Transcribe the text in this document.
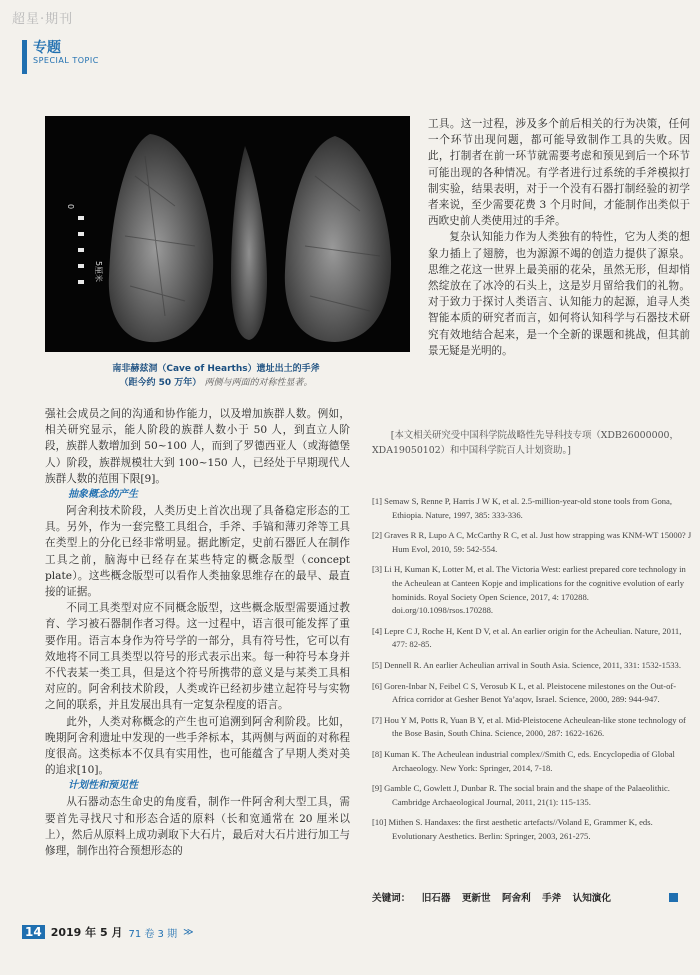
超星·期刊
专题
SPECIAL TOPIC
0
5厘米
南非赫兹洞（Cave of Hearths）遗址出土的手斧
（距今约 50 万年） 两侧与两面的对称性显著。

强社会成员之间的沟通和协作能力，以及增加族群人数。例如，相关研究显示，能人阶段的族群人数小于 50 人，到直立人阶段，族群人数增加到 50~100 人，而到了罗德西亚人（或海德堡人）阶段，族群规模壮大到 100~150 人，已经处于早期现代人族群人数的范围下限[9]。

抽象概念的产生

阿舍利技术阶段，人类历史上首次出现了具备稳定形态的工具。另外，作为一套完整工具组合，手斧、手镐和薄刃斧等工具在类型上的分化已经非常明显。据此断定，史前石器匠人在制作工具之前，脑海中已经存在某些特定的概念版型（concept plate）。这些概念版型可以看作人类抽象思维存在的最早、最直接的证据。

不同工具类型对应不同概念版型，这些概念版型需要通过教育、学习被石器制作者习得。这一过程中，语言很可能发挥了重要作用。语言本身作为符号学的一部分，具有符号性，它可以有效地将不同工具类型以符号的形式表示出来。每一种符号本身并不代表某一类工具，但是这个符号所携带的意义是与某类工具相对应的。阿舍利技术阶段，人类或许已经初步建立起符号与实物之间的联系，并且发展出具有一定复杂程度的语言。

此外，人类对称概念的产生也可追溯到阿舍利阶段。比如，晚期阿舍利遗址中发现的一些手斧标本，其两侧与两面的对称程度很高。这类标本不仅具有实用性，也可能蕴含了早期人类对美的追求[10]。

计划性和预见性

从石器动态生命史的角度看，制作一件阿舍利大型工具，需要首先寻找尺寸和形态合适的原料（长和宽通常在 20 厘米以上），然后从原料上成功剥取下大石片，最后对大石片进行加工与修理，制作出符合预想形态的

工具。这一过程，涉及多个前后相关的行为决策，任何一个环节出现问题，都可能导致制作工具的失败。因此，打制者在前一环节就需要考虑和预见到后一个环节可能出现的各种情况。有学者进行过系统的手斧模拟打制实验，结果表明，对于一个没有石器打制经验的初学者来说，至少需要花费 3 个月时间，才能制作出类似于西欧史前人类使用过的手斧。

复杂认知能力作为人类独有的特性，它为人类的想象力插上了翅膀，也为源源不竭的创造力提供了源泉。思维之花这一世界上最美丽的花朵，虽然无形，但却悄然绽放在了冰冷的石头上，这是岁月留给我们的礼物。对于致力于探讨人类语言、认知能力的起源，追寻人类智能本质的研究者而言，如何将认知科学与石器技术研究有效地结合起来，是一个全新的课题和挑战，但其前景无疑是光明的。

[本文相关研究受中国科学院战略性先导科技专项（XDB26000000，XDA19050102）和中国科学院百人计划资助。]
[1] Semaw S, Renne P, Harris J W K, et al. 2.5-million-year-old stone tools from Gona, Ethiopia. Nature, 1997, 385: 333-336.
[2] Graves R R, Lupo A C, McCarthy R C, et al. Just how strapping was KNM-WT 15000? J Hum Evol, 2010, 59: 542-554.
[3] Li H, Kuman K, Lotter M, et al. The Victoria West: earliest prepared core technology in the Acheulean at Canteen Kopje and implications for the cognitive evolution of early hominids. Royal Society Open Science, 2017, 4: 170288. doi.org/10.1098/rsos.170288.
[4] Lepre C J, Roche H, Kent D V, et al. An earlier origin for the Acheulian. Nature, 2011, 477: 82-85.
[5] Dennell R. An earlier Acheulian arrival in South Asia. Science, 2011, 331: 1532-1533.
[6] Goren-Inbar N, Feibel C S, Verosub K L, et al. Pleistocene milestones on the Out-of-Africa corridor at Gesher Benot Ya’aqov, Israel. Science, 2000, 289: 944-947.
[7] Hou Y M, Potts R, Yuan B Y, et al. Mid-Pleistocene Acheulean-like stone technology of the Bose Basin, South China. Science, 2000, 287: 1622-1626.
[8] Kuman K. The Acheulean industrial complex//Smith C, eds. Encyclopedia of Global Archaeology. New York: Springer, 2014, 7-18.
[9] Gamble C, Gowlett J, Dunbar R. The social brain and the shape of the Palaeolithic. Cambridge Archaeological Journal, 2011, 21(1): 115-135.
[10] Mithen S. Handaxes: the first aesthetic artefacts//Voland E, Grammer K, eds. Evolutionary Aesthetics. Berlin: Springer, 2003, 261-275.
关键词： 旧石器 更新世 阿舍利 手斧 认知演化
14 2019 年 5 月 71 卷 3 期 ≫
